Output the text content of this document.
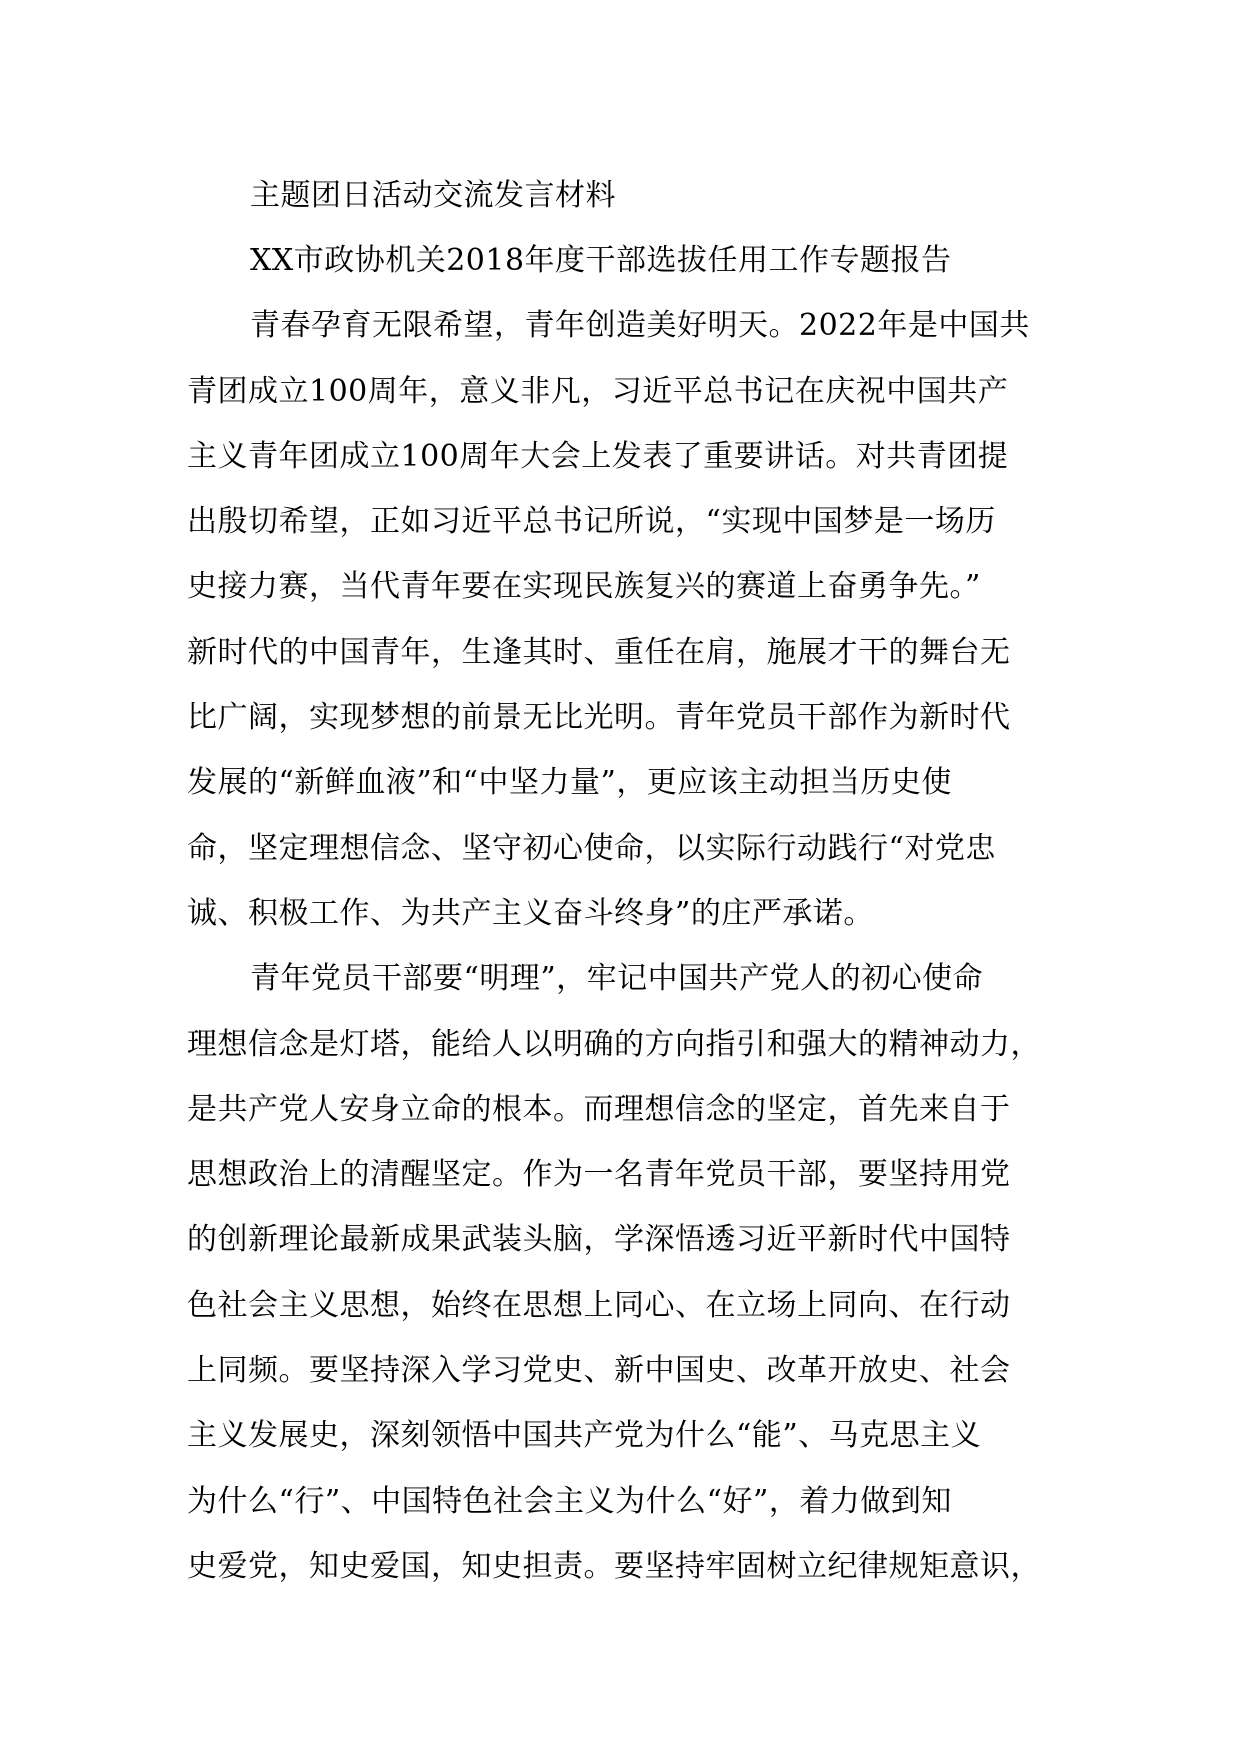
主题团日活动交流发言材料
XX市政协机关2018年度干部选拔任用工作专题报告
青春孕育无限希望，青年创造美好明天。2022年是中国共
青团成立100周年，意义非凡，习近平总书记在庆祝中国共产
主义青年团成立100周年大会上发表了重要讲话。对共青团提
出殷切希望，正如习近平总书记所说，“实现中国梦是一场历
史接力赛，当代青年要在实现民族复兴的赛道上奋勇争先。”
新时代的中国青年，生逢其时、重任在肩，施展才干的舞台无
比广阔，实现梦想的前景无比光明。青年党员干部作为新时代
发展的“新鲜血液”和“中坚力量”，更应该主动担当历史使
命，坚定理想信念、坚守初心使命，以实际行动践行“对党忠
诚、积极工作、为共产主义奋斗终身”的庄严承诺。
青年党员干部要“明理”，牢记中国共产党人的初心使命
理想信念是灯塔，能给人以明确的方向指引和强大的精神动力，
是共产党人安身立命的根本。而理想信念的坚定，首先来自于
思想政治上的清醒坚定。作为一名青年党员干部，要坚持用党
的创新理论最新成果武装头脑，学深悟透习近平新时代中国特
色社会主义思想，始终在思想上同心、在立场上同向、在行动
上同频。要坚持深入学习党史、新中国史、改革开放史、社会
主义发展史，深刻领悟中国共产党为什么“能”、马克思主义
为什么“行”、中国特色社会主义为什么“好”，着力做到知
史爱党，知史爱国，知史担责。要坚持牢固树立纪律规矩意识，
